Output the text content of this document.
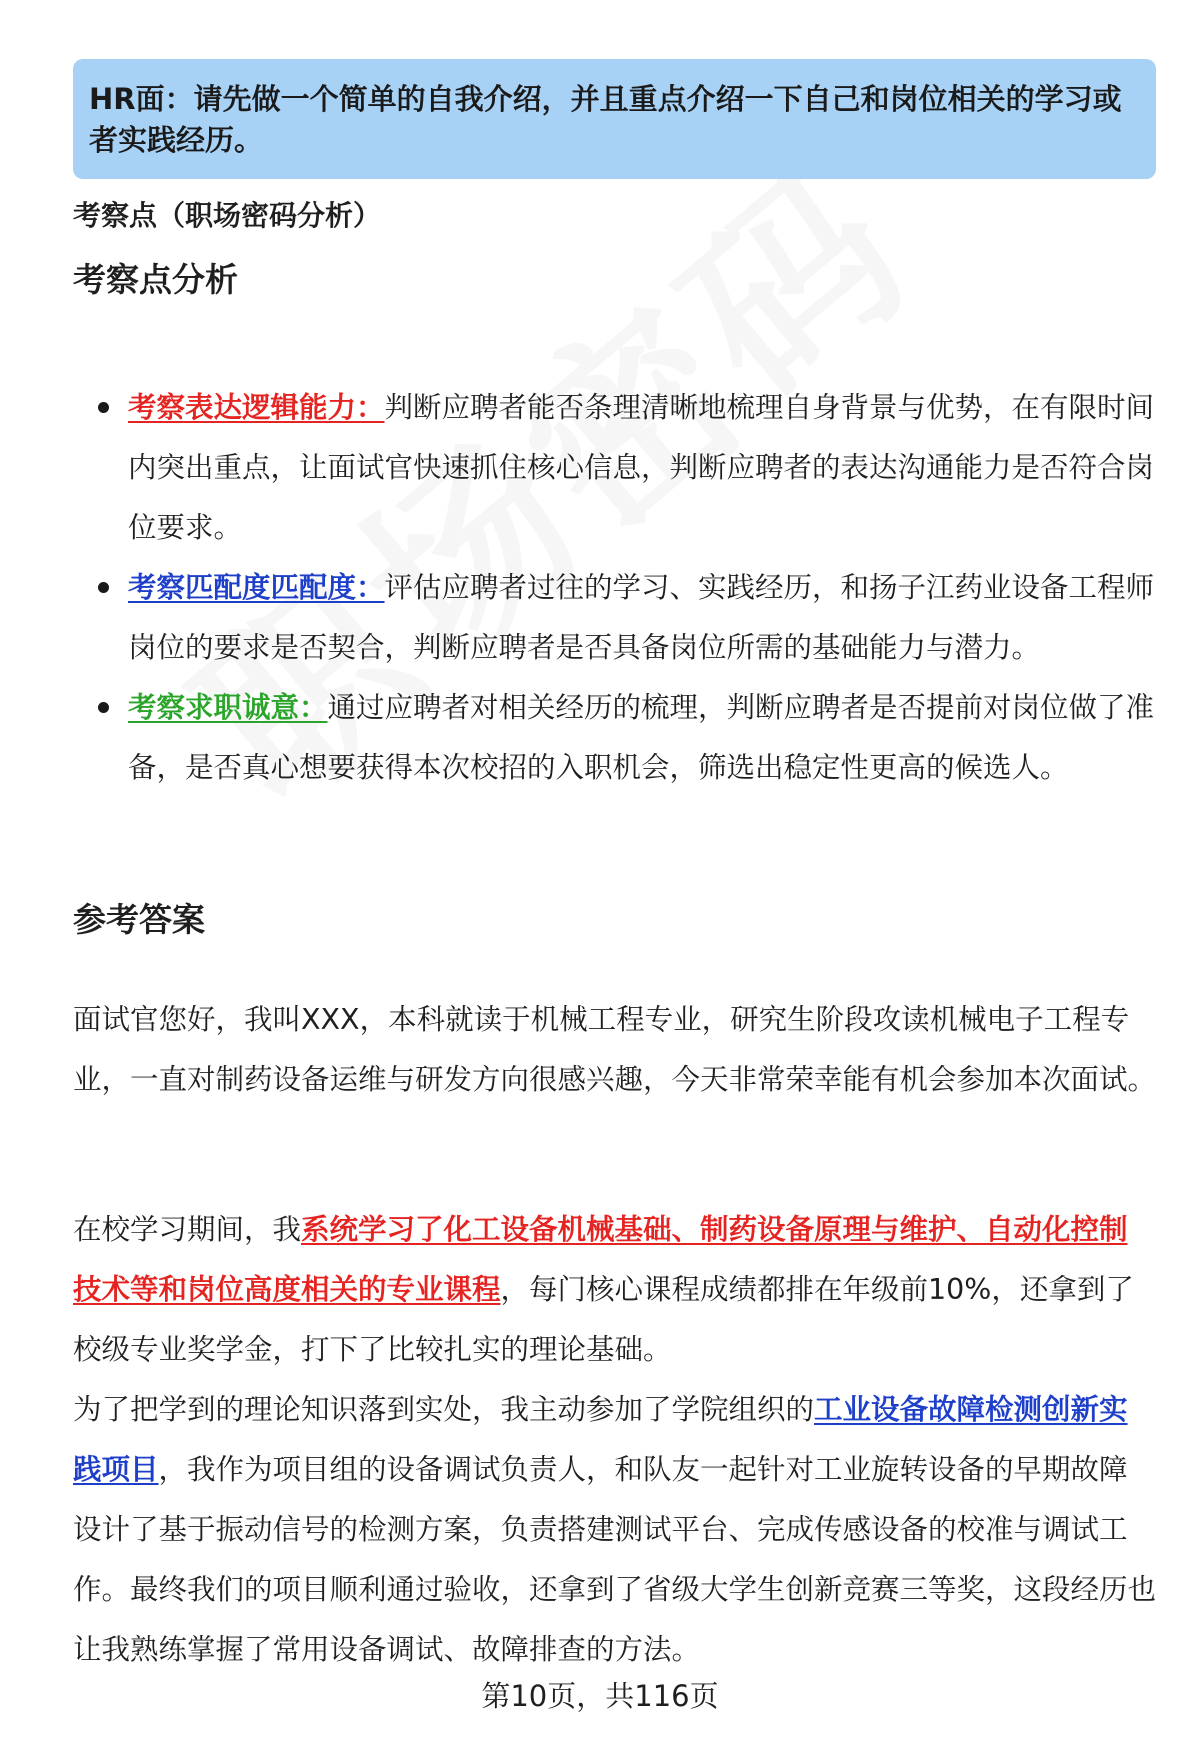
HR面：请先做一个简单的自我介绍，并且重点介绍一下自己和岗位相关的学习或者实践经历。

考察点（职场密码分析）
考察点分析
考察表达逻辑能力：判断应聘者能否条理清晰地梳理自身背景与优势，在有限时间内突出重点，让面试官快速抓住核心信息，判断应聘者的表达沟通能力是否符合岗位要求。
考察匹配度匹配度：评估应聘者过往的学习、实践经历，和扬子江药业设备工程师岗位的要求是否契合，判断应聘者是否具备岗位所需的基础能力与潜力。
考察求职诚意：通过应聘者对相关经历的梳理，判断应聘者是否提前对岗位做了准备，是否真心想要获得本次校招的入职机会，筛选出稳定性更高的候选人。
参考答案

面试官您好，我叫XXX，本科就读于机械工程专业，研究生阶段攻读机械电子工程专业，一直对制药设备运维与研发方向很感兴趣，今天非常荣幸能有机会参加本次面试。

在校学习期间，我系统学习了化工设备机械基础、制药设备原理与维护、自动化控制技术等和岗位高度相关的专业课程，每门核心课程成绩都排在年级前10%，还拿到了校级专业奖学金，打下了比较扎实的理论基础。

为了把学到的理论知识落到实处，我主动参加了学院组织的工业设备故障检测创新实践项目，我作为项目组的设备调试负责人，和队友一起针对工业旋转设备的早期故障设计了基于振动信号的检测方案，负责搭建测试平台、完成传感设备的校准与调试工作。最终我们的项目顺利通过验收，还拿到了省级大学生创新竞赛三等奖，这段经历也让我熟练掌握了常用设备调试、故障排查的方法。

第10页，共116页
